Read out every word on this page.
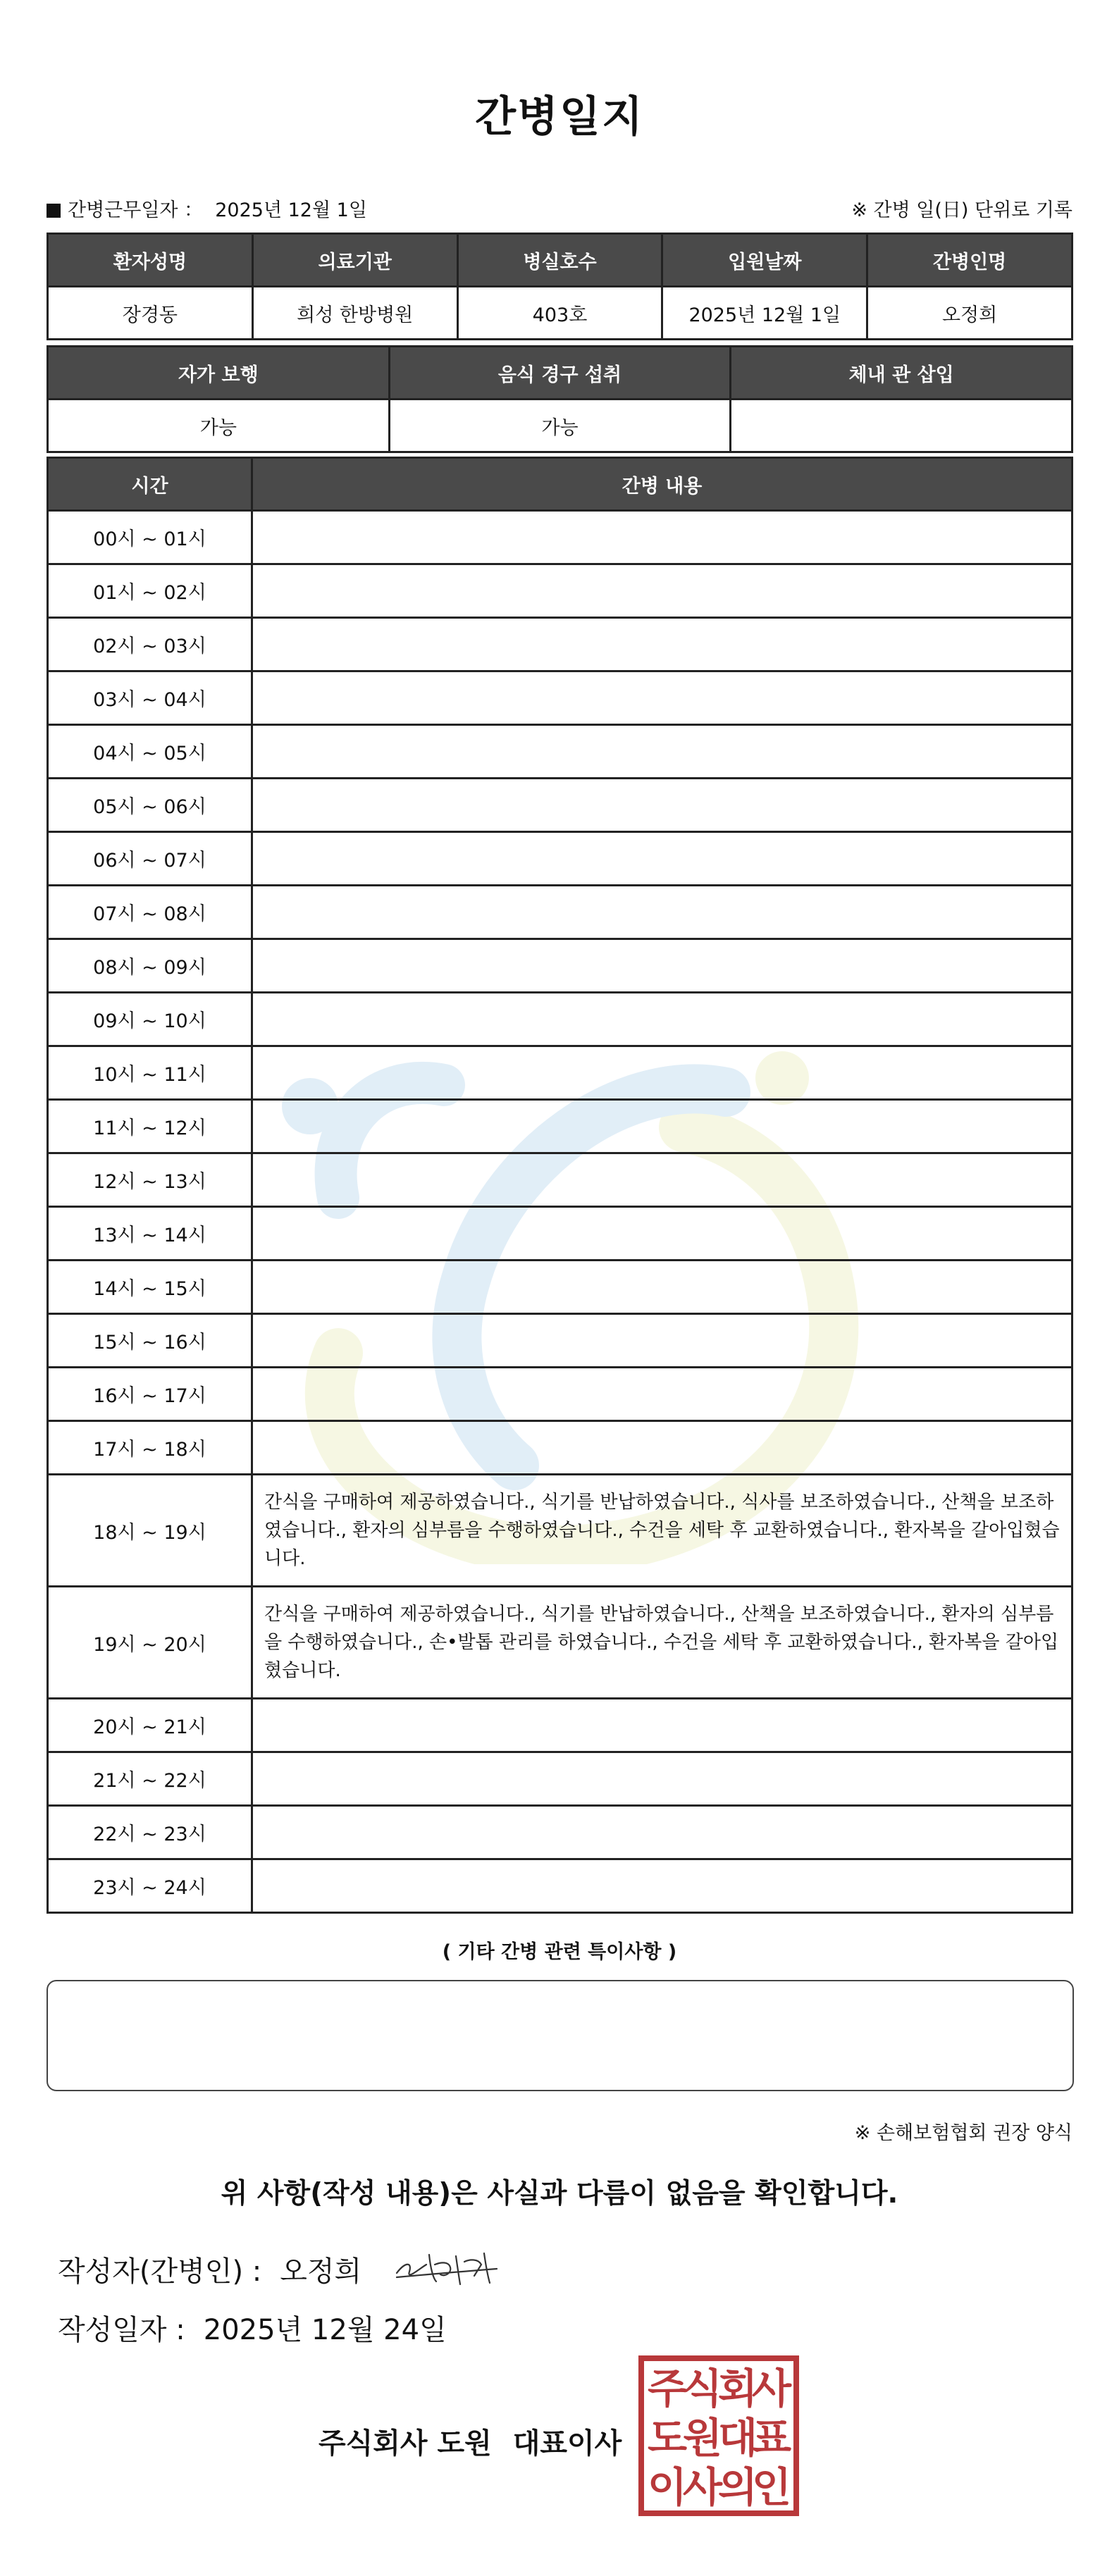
간병일지
간병근무일자 ： 2025년 12월 1일	※ 간병 일(日) 단위로 기록
환자성명	의료기관	병실호수	입원날짜	간병인명
장경동	희성 한방병원	403호	2025년 12월 1일	오정희
자가 보행	음식 경구 섭취	체내 관 삽입
가능	가능	
시간	간병 내용
00시 ~ 01시	
01시 ~ 02시	
02시 ~ 03시	
03시 ~ 04시	
04시 ~ 05시	
05시 ~ 06시	
06시 ~ 07시	
07시 ~ 08시	
08시 ~ 09시	
09시 ~ 10시	
10시 ~ 11시	
11시 ~ 12시	
12시 ~ 13시	
13시 ~ 14시	
14시 ~ 15시	
15시 ~ 16시	
16시 ~ 17시	
17시 ~ 18시	
18시 ~ 19시	간식을 구매하여 제공하였습니다., 식기를 반납하였습니다., 식사를 보조하였습니다., 산책을 보조하였습니다., 환자의 심부름을 수행하였습니다., 수건을 세탁 후 교환하였습니다., 환자복을 갈아입혔습니다.
19시 ~ 20시	간식을 구매하여 제공하였습니다., 식기를 반납하였습니다., 산책을 보조하였습니다., 환자의 심부름을 수행하였습니다., 손•발톱 관리를 하였습니다., 수건을 세탁 후 교환하였습니다., 환자복을 갈아입혔습니다.
20시 ~ 21시	
21시 ~ 22시	
22시 ~ 23시	
23시 ~ 24시	
( 기타 간병 관련 특이사항 )
※ 손해보험협회 권장 양식
위 사항(작성 내용)은 사실과 다름이 없음을 확인합니다.
작성자(간병인) : 오정희
작성일자 : 2025년 12월 24일
주식회사 도원 대표이사
주
식
회
사
도
원
대
표
이
사
의
인
